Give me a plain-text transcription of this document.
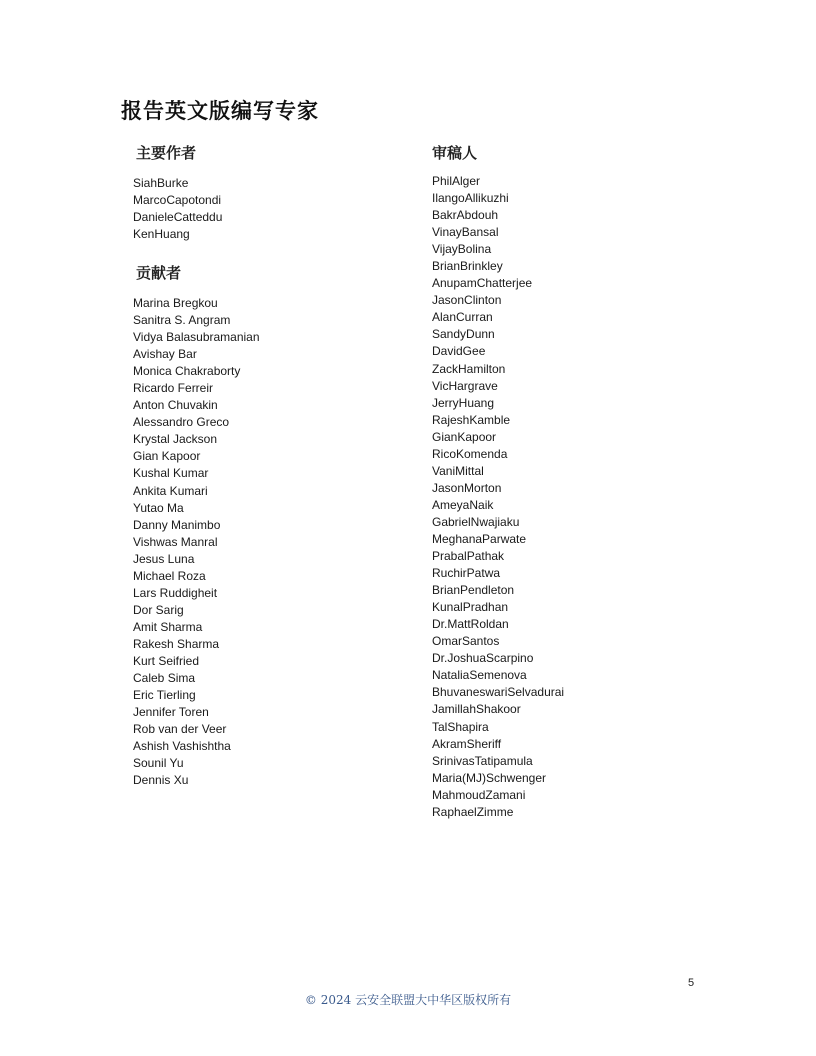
报告英文版编写专家
主要作者
SiahBurke
MarcoCapotondi
DanieleCatteddu
KenHuang
贡献者
Marina Bregkou
Sanitra S. Angram
Vidya Balasubramanian
Avishay Bar
Monica Chakraborty
Ricardo Ferreir
Anton Chuvakin
Alessandro Greco
Krystal Jackson
Gian Kapoor
Kushal Kumar
Ankita Kumari
Yutao Ma
Danny Manimbo
Vishwas Manral
Jesus Luna
Michael Roza
Lars Ruddigheit
Dor Sarig
Amit Sharma
Rakesh Sharma
Kurt Seifried
Caleb Sima
Eric Tierling
Jennifer Toren
Rob van der Veer
Ashish Vashishtha
Sounil Yu
Dennis Xu
审稿人
PhilAlger
IlangoAllikuzhi
BakrAbdouh
VinayBansal
VijayBolina
BrianBrinkley
AnupamChatterjee
JasonClinton
AlanCurran
SandyDunn
DavidGee
ZackHamilton
VicHargrave
JerryHuang
RajeshKamble
GianKapoor
RicoKomenda
VaniMittal
JasonMorton
AmeyaNaik
GabrielNwajiaku
MeghanaParwate
PrabalPathak
RuchirPatwa
BrianPendleton
KunalPradhan
Dr.MattRoldan
OmarSantos
Dr.JoshuaScarpino
NataliaSemenova
BhuvaneswariSelvadurai
JamillahShakoor
TalShapira
AkramSheriff
SrinivasTatipamula
Maria(MJ)Schwenger
MahmoudZamani
RaphaelZimme
5
© 2024 云安全联盟大中华区版权所有
